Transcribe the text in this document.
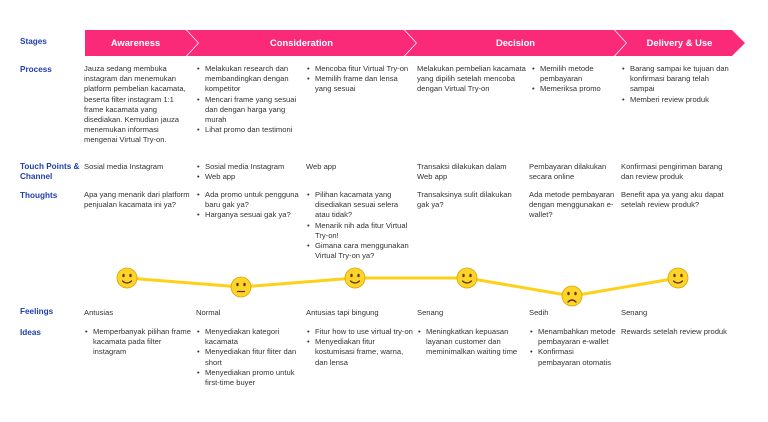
Stages
Process
Touch Points & Channel
Thoughts
Feelings
Ideas
Awareness	Consideration	Decision	Delivery & Use
Jauza sedang membuka instagram dan menemukan platform pembelian kacamata, beserta filter instagram 1:1 frame kacamata yang disediakan. Kemudian jauza menemukan informasi mengenai Virtual Try-on.
• Melakukan research dan membandingkan dengan kompetitor
• Mencari frame yang sesuai dan dengan harga yang murah
• Lihat promo dan testimoni
• Mencoba fitur Virtual Try-on
• Memilih frame dan lensa yang sesuai
Melakukan pembelian kacamata yang dipilih setelah mencoba dengan Virtual Try-on
• Memilih metode pembayaran
• Memeriksa promo
• Barang sampai ke tujuan dan konfirmasi barang telah sampai
• Memberi review produk
Sosial media Instagram
•	Sosial media Instagram
• Web app
Web app	Transaksi dilakukan dalam Web app
Pembayaran dilakukan secara online
Konfirmasi pengiriman barang dan review produk
Apa yang menarik dari platform penjualan kacamata ini ya?
• Ada promo untuk pengguna baru gak ya?
• Harganya sesuai gak ya?
• Pilihan kacamata yang disediakan sesuai selera atau tidak?
• Menarik nih ada fitur Virtual Try-on!
• Gimana cara menggunakan Virtual Try-on ya?
Transaksinya sulit dilakukan gak ya?
Ada metode pembayaran dengan menggunakan e-wallet?
Benefit apa ya yang aku dapat setelah review produk?
Antusias	Normal	Antusias tapi bingung	Senang	Sedih	Senang
• Memperbanyak pilihan frame kacamata pada filter instagram
• Menyediakan kategori kacamata
• Menyediakan fitur fliter dan short
• Menyediakan promo untuk first-time buyer
• Fitur how to use virtual try-on
• Menyediakan fitur kostumisasi frame, warna, dan lensa
• Meningkatkan kepuasan layanan customer dan meminimalkan waiting time
• Menambahkan metode pembayaran e-wallet
• Konfirmasi pembayaran otomatis
Rewards setelah review produk
